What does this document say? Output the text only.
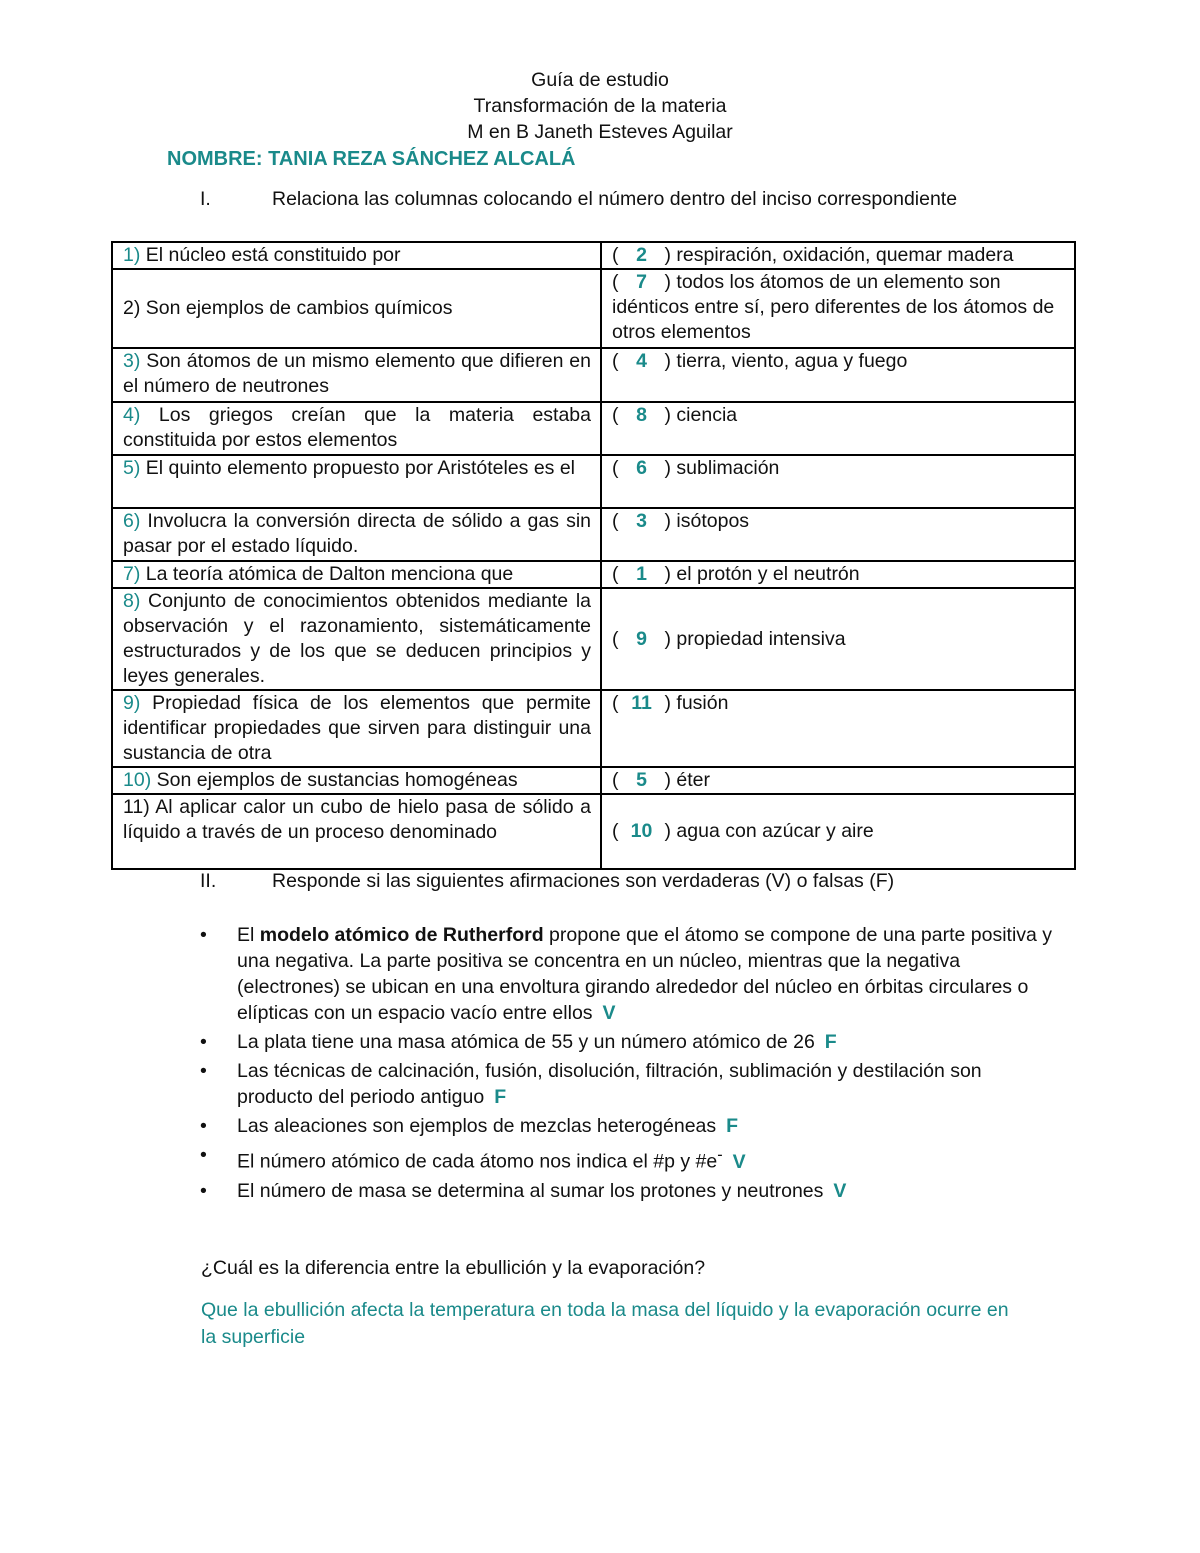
Guía de estudio
Transformación de la materia
M en B Janeth Esteves Aguilar
NOMBRE: TANIA REZA SÁNCHEZ ALCALÁ
I.	Relaciona las columnas colocando el número dentro del inciso correspondiente
1) El núcleo está constituido por	( 2 ) respiración, oxidación, quemar madera
2) Son ejemplos de cambios químicos	( 7 ) todos los átomos de un elemento son idénticos entre sí, pero diferentes de los átomos de otros elementos
3) Son átomos de un mismo elemento que difieren en el número de neutrones	( 4 ) tierra, viento, agua y fuego
4) Los griegos creían que la materia estaba constituida por estos elementos	( 8 ) ciencia
5) El quinto elemento propuesto por Aristóteles es el	( 6 ) sublimación
6) Involucra la conversión directa de sólido a gas sin pasar por el estado líquido.	( 3 ) isótopos
7) La teoría atómica de Dalton menciona que	( 1 ) el protón y el neutrón
8) Conjunto de conocimientos obtenidos mediante la observación y el razonamiento, sistemáticamente estructurados y de los que se deducen principios y leyes generales.	( 9 ) propiedad intensiva
9) Propiedad física de los elementos que permite identificar propiedades que sirven para distinguir una sustancia de otra	( 11 ) fusión
10) Son ejemplos de sustancias homogéneas	( 5 ) éter
11) Al aplicar calor un cubo de hielo pasa de sólido a líquido a través de un proceso denominado	( 10 ) agua con azúcar y aire
II.	Responde si las siguientes afirmaciones son verdaderas (V) o falsas (F)
• El modelo atómico de Rutherford propone que el átomo se compone de una parte positiva y una negativa. La parte positiva se concentra en un núcleo, mientras que la negativa (electrones) se ubican en una envoltura girando alrededor del núcleo en órbitas circulares o elípticas con un espacio vacío entre ellos V
• La plata tiene una masa atómica de 55 y un número atómico de 26 F
• Las técnicas de calcinación, fusión, disolución, filtración, sublimación y destilación son producto del periodo antiguo F
• Las aleaciones son ejemplos de mezclas heterogéneas F
• El número atómico de cada átomo nos indica el #p y #e- V
• El número de masa se determina al sumar los protones y neutrones V
¿Cuál es la diferencia entre la ebullición y la evaporación?
Que la ebullición afecta la temperatura en toda la masa del líquido y la evaporación ocurre en la superficie
